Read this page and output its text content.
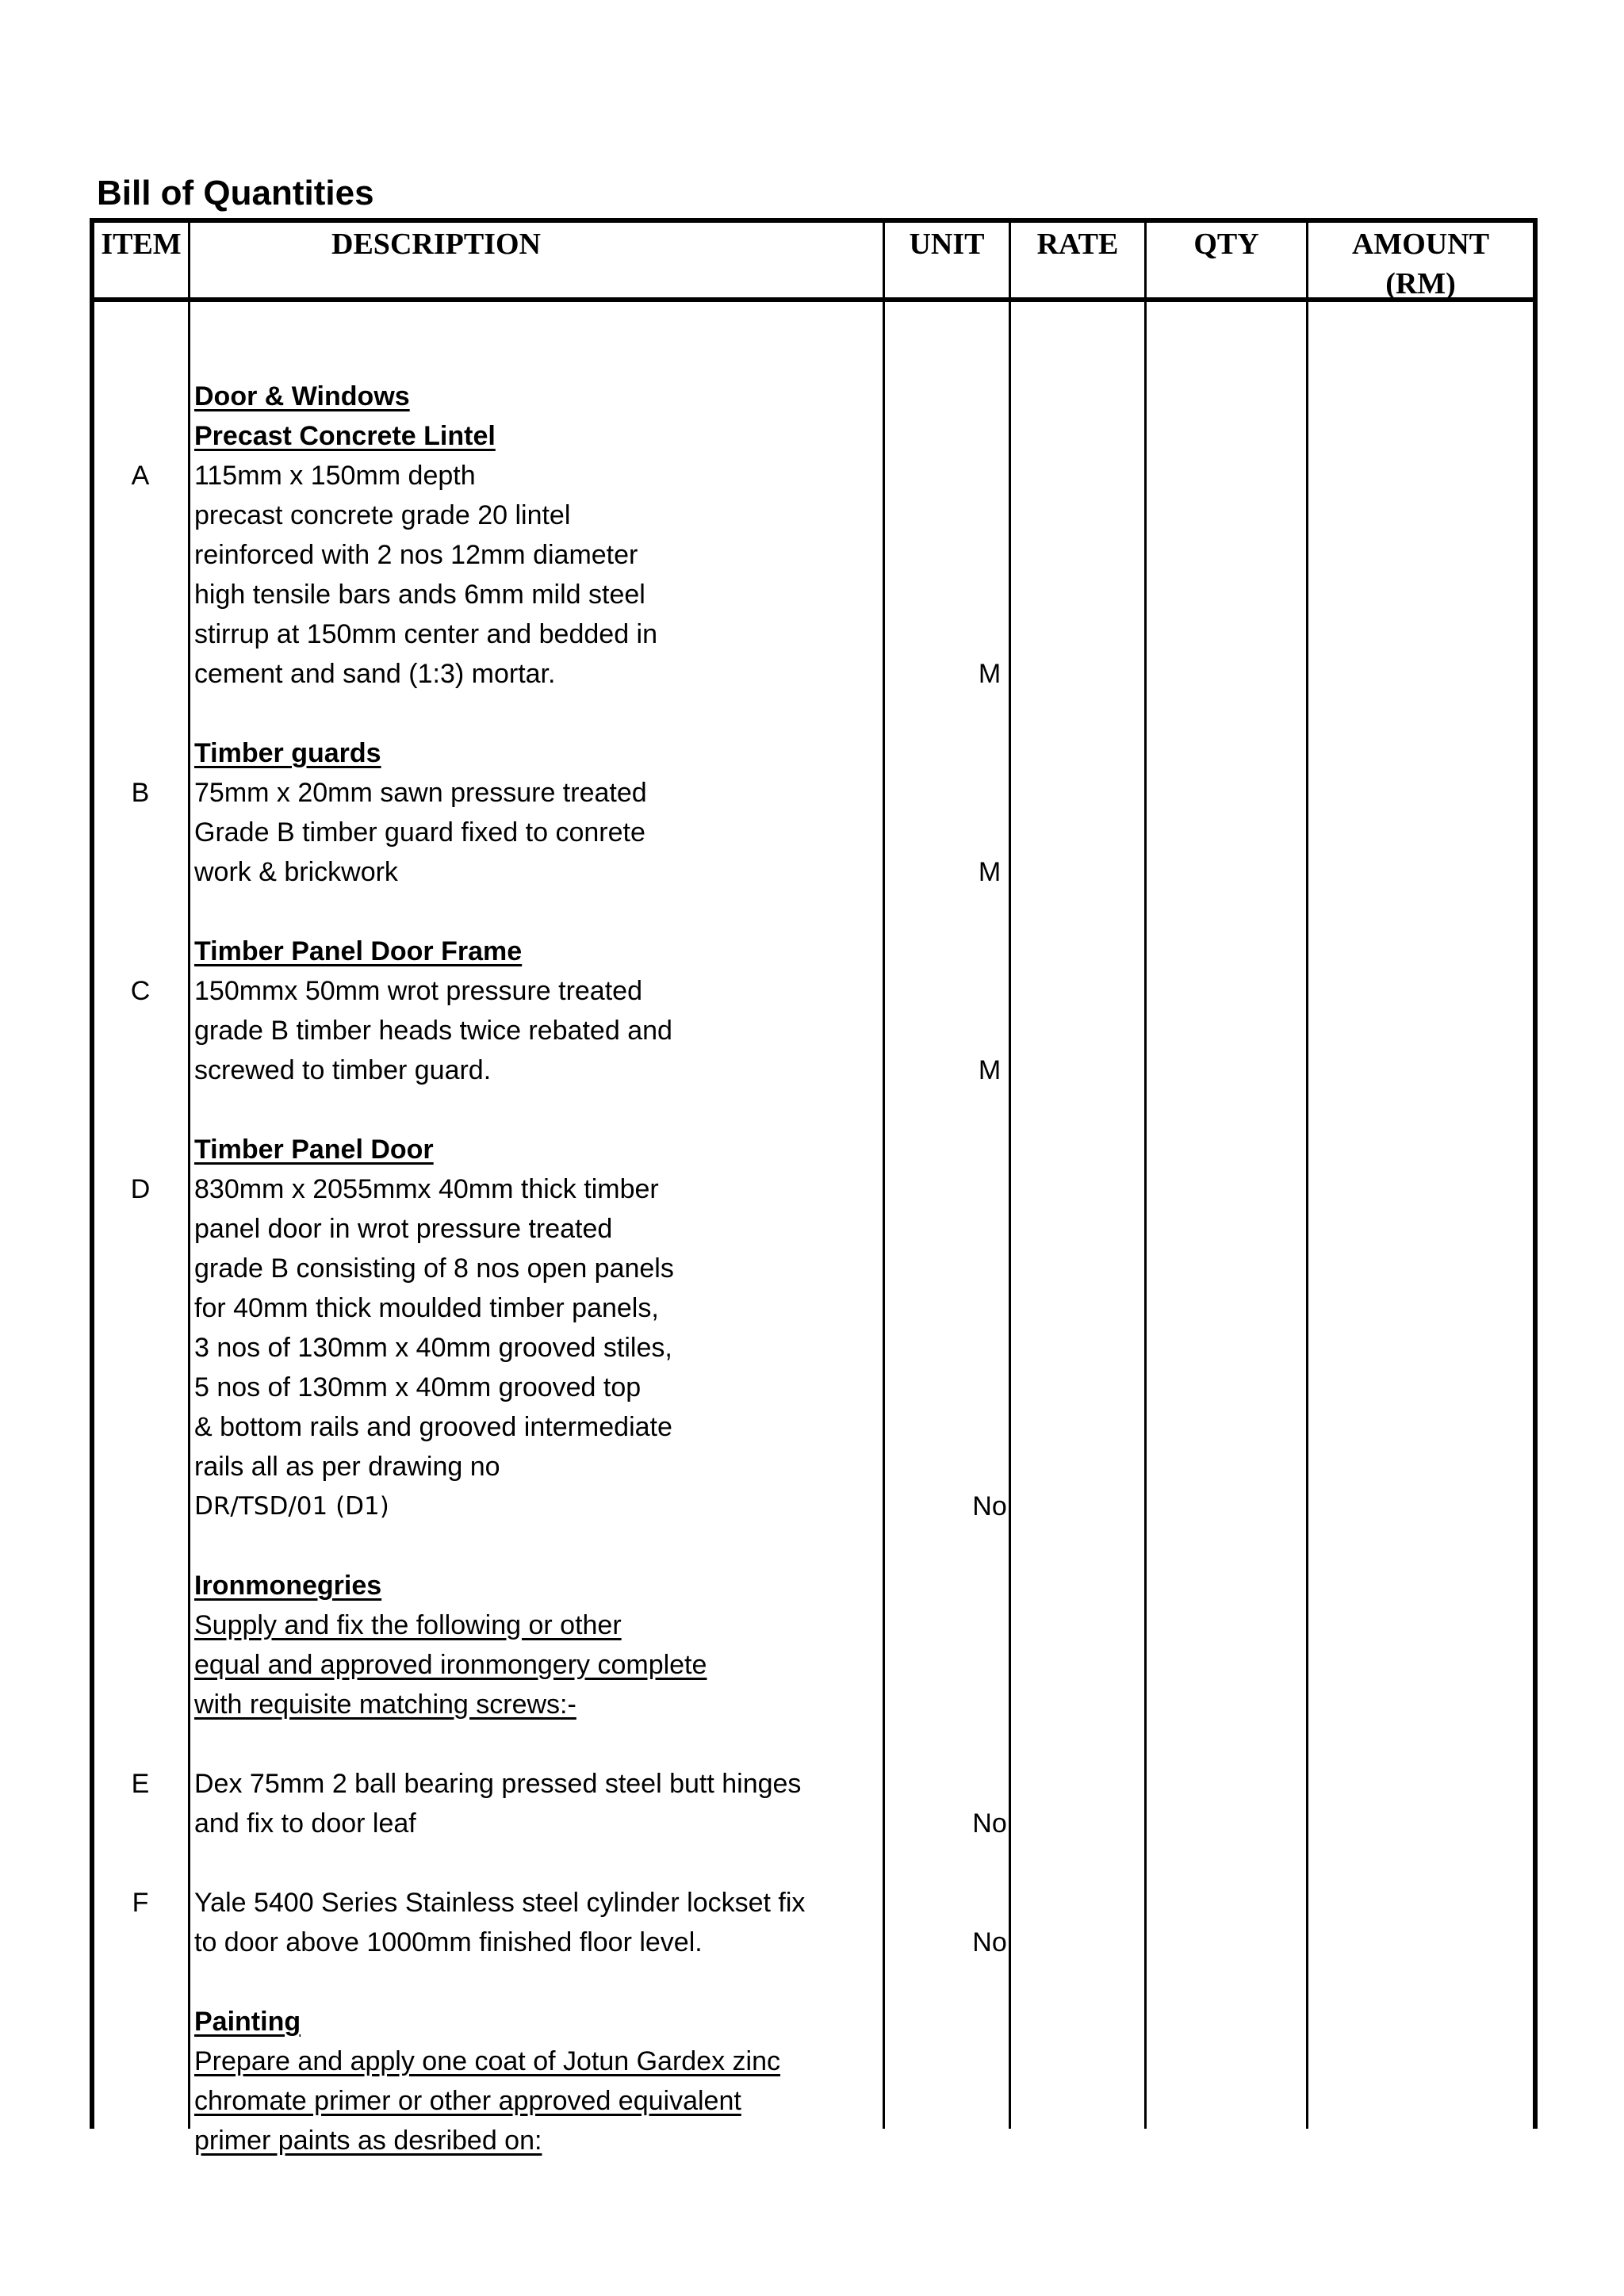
Bill of Quantities
ITEM	DESCRIPTION	UNIT	RATE	QTY	AMOUNT
(RM)
Door & Windows
Precast Concrete Lintel
A	115mm x 150mm depth
precast concrete grade 20 lintel
reinforced with 2 nos 12mm diameter
high tensile bars ands 6mm mild steel
stirrup at 150mm center and bedded in
cement and sand (1:3) mortar.	M
Timber guards
B	75mm x 20mm sawn pressure treated
Grade B timber guard fixed to conrete
work & brickwork	M
Timber Panel Door Frame
C	150mmx 50mm wrot pressure treated
grade B timber heads twice rebated and
screwed to timber guard.	M
Timber Panel Door
D	830mm x 2055mmx 40mm thick timber
panel door in wrot pressure treated
grade B consisting of 8 nos open panels
for 40mm thick moulded timber panels,
3 nos of 130mm x 40mm grooved stiles,
5 nos of 130mm x 40mm grooved top
& bottom rails and grooved intermediate
rails all as per drawing no
DR/TSD/01 (D1)	No
Ironmonegries
Supply and fix the following or other
equal and approved ironmongery complete
with requisite matching screws:-
E	Dex 75mm 2 ball bearing pressed steel butt hinges
and fix to door leaf	No
F	Yale 5400 Series Stainless steel cylinder lockset fix
to door above 1000mm finished floor level.	No
Painting
Prepare and apply one coat of Jotun Gardex zinc
chromate primer or other approved equivalent
primer paints as desribed on:
